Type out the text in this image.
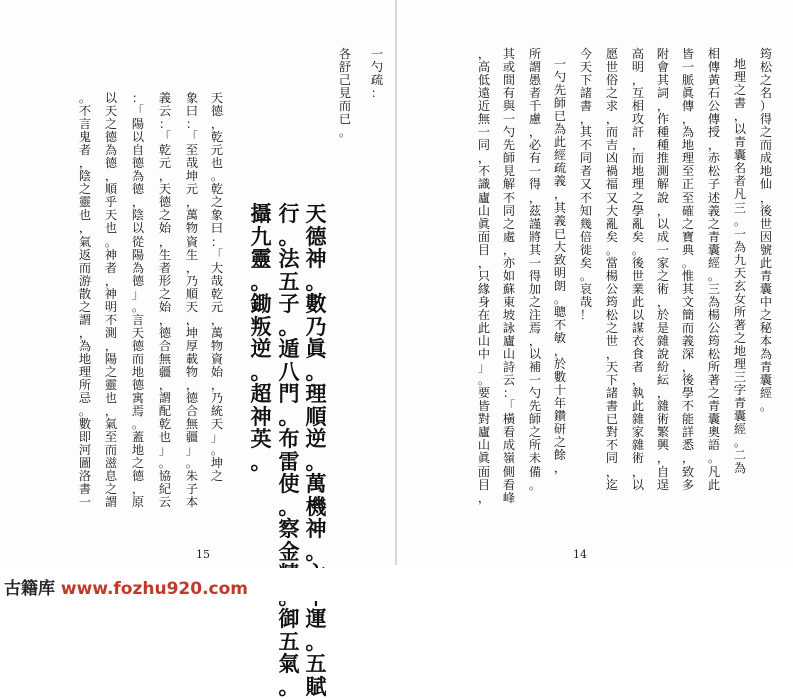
一
勺
疏
：
各
舒
己
見
而
已
。
天
德
神
。
數
乃
眞
。
理
順
逆
。
萬
機
神
。
運
。
五
賦
行
。
法
五
子
。
遁
八
門
。
布
雷
使
。
察
金
御
五
氣
。
攝
九
靈
。
鋤
叛
逆
。
超
神
英
。
天
德
，
乾
元
也
。
乾
之
象
曰
：
「
大
哉
乾
元
，
萬
物
資
始
，
乃
統
天
」
。
坤
之
象
曰
：
「
至
哉
坤
元
，
萬
物
資
生
，
乃
順
天
，
坤
厚
載
物
，
德
合
無
疆
」
。
朱
子
本
義
云
：
「
乾
元
，
天
德
之
始
，
生
者
形
之
始
，
德
合
無
疆
，
謂
配
乾
也
」
。
協
紀
云
：
「
陽
以
自
德
為
德
，
陰
以
從
陽
為
德
」
。
言
天
德
而
地
德
寓
焉
。
蓋
地
之
德
，
原
以
天
之
德
為
德
，
順
乎
天
也
。
神
者
，
神
明
不
測
，
陽
之
靈
也
，
氣
至
而
滋
息
之
謂
。
不
言
鬼
者
，
陰
之
靈
也
，
氣
返
而
游
散
之
謂
，
為
地
理
所
忌
。
數
即
河
圖
洛
書
一
15
筠
松
之
名
）
得
之
而
成
地
仙
，
後
世
因
號
此
青
囊
中
之
秘
本
為
青
囊
經
。
地
理
之
書
，
以
青
囊
名
者
凡
三
。
一
為
九
天
玄
女
所
著
之
地
理
三
字
青
囊
經
。
二
為
相
傳
黃
石
公
傳
授
，
赤
松
子
述
義
之
青
囊
經
。
三
為
楊
公
筠
松
所
著
之
青
囊
奧
語
。
凡
此
皆
一
脈
眞
傳
，
為
地
理
至
正
至
確
之
寶
典
。
惟
其
文
簡
而
義
深
，
後
學
不
能
詳
悉
，
致
多
附
會
其
詞
，
作
種
種
推
測
解
說
，
以
成
一
家
之
術
，
於
是
雜
說
紛
紜
，
雜
術
繁
興
，
自
逞
高
明
，
互
相
攻
訐
，
而
地
理
之
學
亂
矣
。
後
世
業
此
以
謀
衣
食
者
，
執
此
雜
家
雜
術
，
以
愿
世
俗
之
求
，
而
吉
凶
禍
福
又
大
亂
矣
。
當
楊
公
筠
松
之
世
，
天
下
諸
書
已
對
不
同
，
迄
今
天
下
諸
書
，
其
不
同
者
又
不
知
幾
倍
徙
矣
。
哀
哉
！
一
勺
先
師
已
為
此
經
疏
義
，
其
義
已
大
致
明
朗
。
聰
不
敏
，
於
數
十
年
鑽
研
之
餘
，
所
謂
愚
者
千
慮
，
必
有
一
得
，
茲
謹
將
其
一
得
加
之
注
焉
，
以
補
一
勺
先
師
之
所
未
備
。
其
或
間
有
與
一
勺
先
師
見
解
不
同
之
處
，
亦
如
蘇
東
坡
詠
廬
山
詩
云
：
「
橫
看
成
嶺
側
看
峰
，
高
低
遠
近
無
一
同
，
不
識
廬
山
眞
面
目
，
只
緣
身
在
此
山
中
」
。
要
皆
對
廬
山
眞
面
目
，
14
古籍库 www.fozhu920.com
